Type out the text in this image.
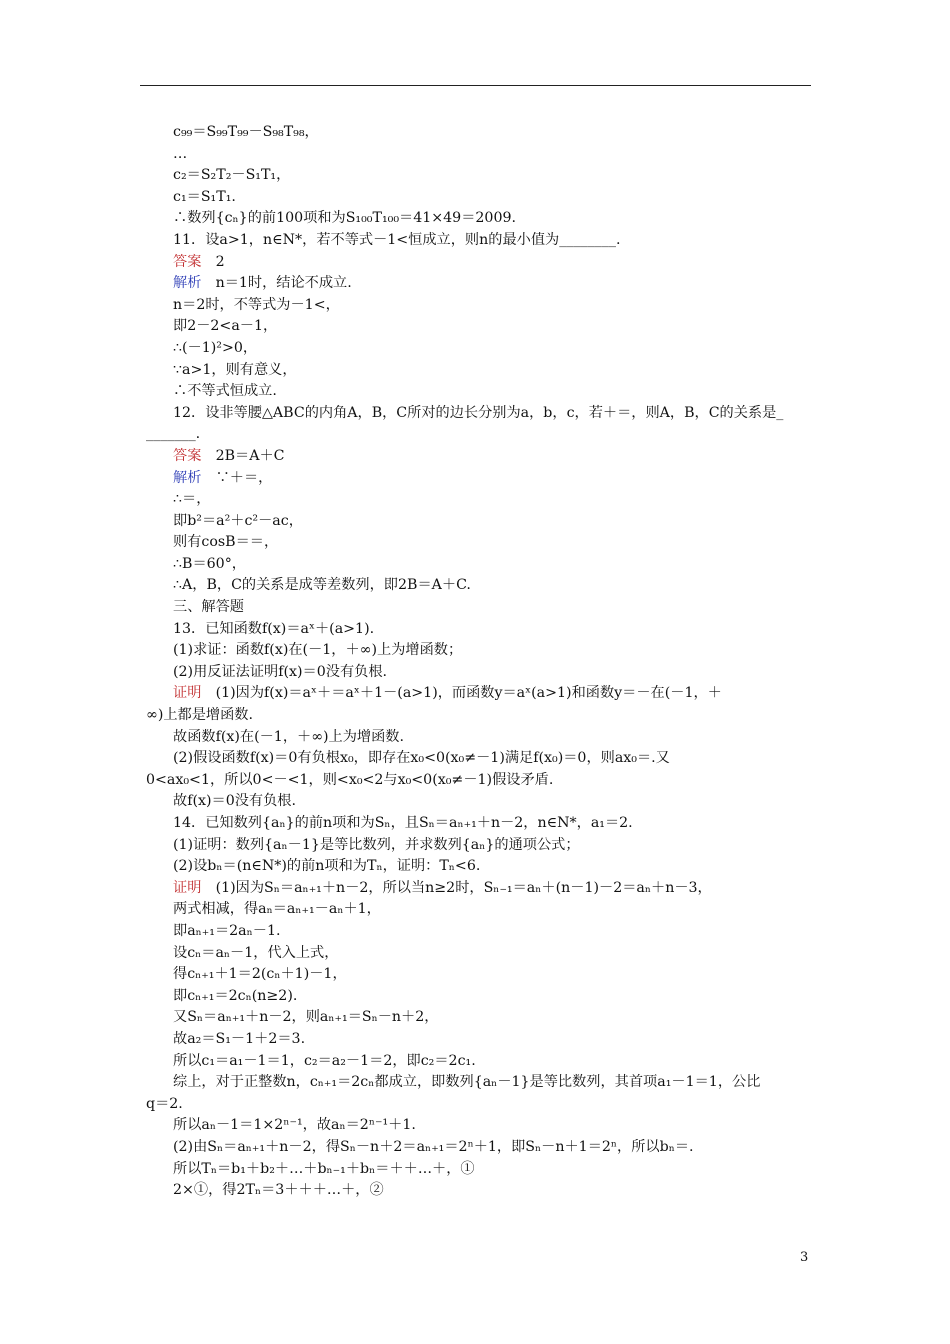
c₉₉＝S₉₉T₉₉－S₉₈T₉₈，
…
c₂＝S₂T₂－S₁T₁，
c₁＝S₁T₁.
∴数列{cₙ}的前100项和为S₁₀₀T₁₀₀＝41×49＝2009.
11．设a>1，n∈N*，若不等式－1<恒成立，则n的最小值为________.
答案　2
解析　n＝1时，结论不成立.
n＝2时，不等式为－1<，
即2－2<a－1，
∴(－1)²>0，
∵a>1，则有意义，
∴不等式恒成立.
12．设非等腰△ABC的内角A，B，C所对的边长分别为a，b，c，若＋＝，则A，B，C的关系是_
_______.
答案　2B＝A＋C
解析　∵＋＝，
∴＝，
即b²＝a²＋c²－ac，
则有cosB＝＝，
∴B＝60°，
∴A，B，C的关系是成等差数列，即2B＝A＋C.
三、解答题
13．已知函数f(x)＝aˣ＋(a>1).
(1)求证：函数f(x)在(－1，＋∞)上为增函数；
(2)用反证法证明f(x)＝0没有负根.
证明　(1)因为f(x)＝aˣ＋＝aˣ＋1－(a>1)，而函数y＝aˣ(a>1)和函数y＝－在(－1，＋
∞)上都是增函数.
故函数f(x)在(－1，＋∞)上为增函数.
(2)假设函数f(x)＝0有负根x₀，即存在x₀<0(x₀≠－1)满足f(x₀)＝0，则ax₀＝.又
0<ax₀<1，所以0<－<1，则<x₀<2与x₀<0(x₀≠－1)假设矛盾.
故f(x)＝0没有负根.
14．已知数列{aₙ}的前n项和为Sₙ，且Sₙ＝aₙ₊₁＋n－2，n∈N*，a₁＝2.
(1)证明：数列{aₙ－1}是等比数列，并求数列{aₙ}的通项公式；
(2)设bₙ＝(n∈N*)的前n项和为Tₙ，证明：Tₙ<6.
证明　(1)因为Sₙ＝aₙ₊₁＋n－2，所以当n≥2时，Sₙ₋₁＝aₙ＋(n－1)－2＝aₙ＋n－3，
两式相减，得aₙ＝aₙ₊₁－aₙ＋1，
即aₙ₊₁＝2aₙ－1.
设cₙ＝aₙ－1，代入上式，
得cₙ₊₁＋1＝2(cₙ＋1)－1，
即cₙ₊₁＝2cₙ(n≥2).
又Sₙ＝aₙ₊₁＋n－2，则aₙ₊₁＝Sₙ－n＋2，
故a₂＝S₁－1＋2＝3.
所以c₁＝a₁－1＝1，c₂＝a₂－1＝2，即c₂＝2c₁.
综上，对于正整数n，cₙ₊₁＝2cₙ都成立，即数列{aₙ－1}是等比数列，其首项a₁－1＝1，公比
q＝2.
所以aₙ－1＝1×2ⁿ⁻¹，故aₙ＝2ⁿ⁻¹＋1.
(2)由Sₙ＝aₙ₊₁＋n－2，得Sₙ－n＋2＝aₙ₊₁＝2ⁿ＋1，即Sₙ－n＋1＝2ⁿ，所以bₙ＝.
所以Tₙ＝b₁＋b₂＋…＋bₙ₋₁＋bₙ＝＋＋…＋，①
2×①，得2Tₙ＝3＋＋＋…＋，②
3
